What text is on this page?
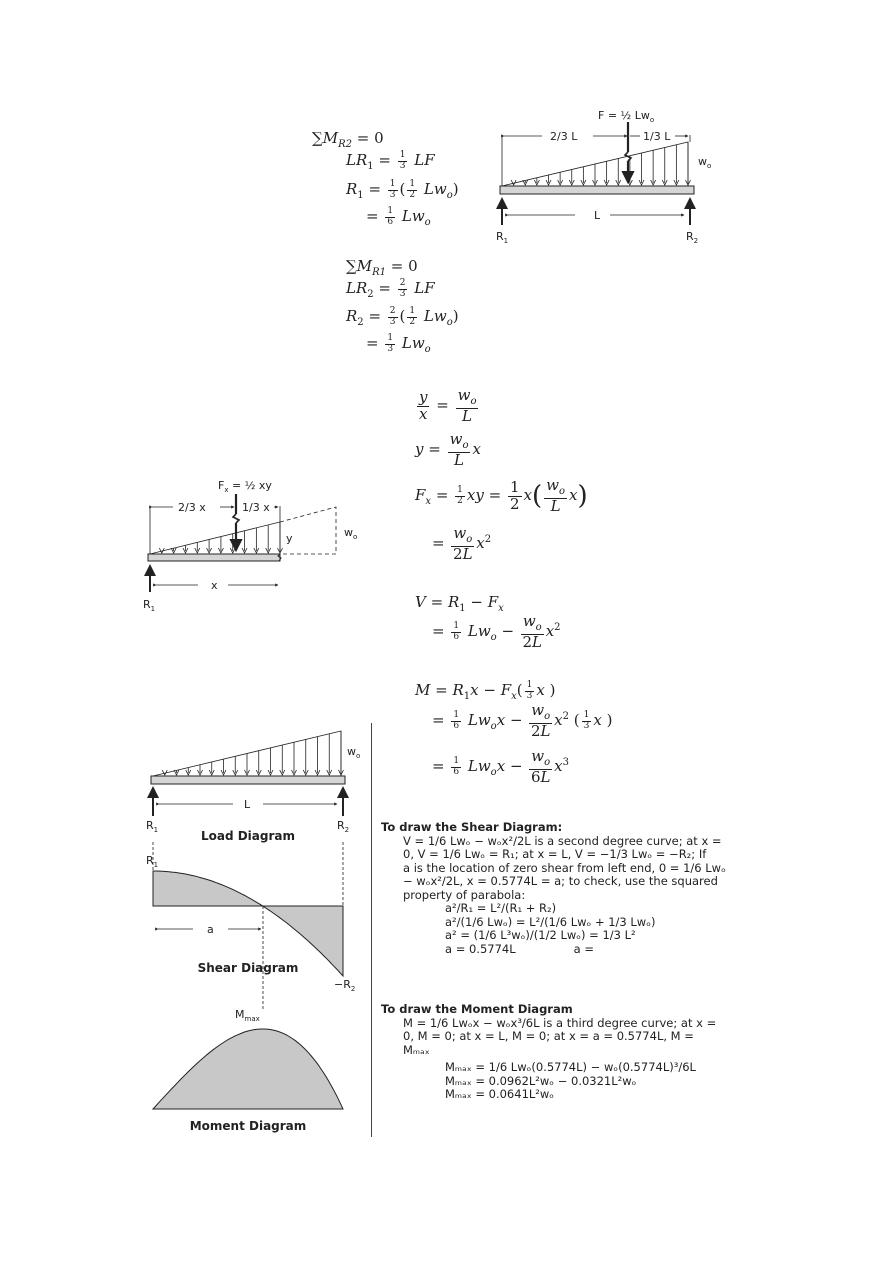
$\sum M_{R2} = 0$
$LR_1 = \frac{1}{3}$ LF
$R_1 = \frac{1}{3}$ ( $\frac{1}{2} Lw_o$)
= $\frac{1}{6} Lw_o$
$\sum M_{R1} = 0$
$LR_2 = \frac{2}{3}$ LF
$R_2 = \frac{2}{3}$ ( $\frac{1}{2} Lw_o$)
= $\frac{1}{3} Lw_o$
F = ½ $Lw_o$
2/3 L	1/3 L
$w_o$
L
$R_1$	$R_2$
$\frac{y}{x} = \frac{w_o}{L}$
$y = \frac{w_o}{L}$ x
$F_x = \frac{1}{2}$ xy = $\frac{1}{2} x( \frac{w_o}{L} x)$
= $\frac{w_o}{2L} x^2$
$V = R_1 - F_x$
= $\frac{1}{6} Lw_o - \frac{w_o}{2L} x^2$
$M = R_1x - F_x( \frac{1}{3}$ x )
= $\frac{1}{6} Lw_ox - \frac{w_o}{2L} x^2$ ( $\frac{1}{3}$ x )
= $\frac{1}{6} Lw_ox - \frac{w_o}{6L} x^3$
$F_x$ = ½ xy
2/3 x	1/3 x
y	$w_o$
x
$R_1$
$w_o$
L
$R_1$	$R_2$
Load Diagram
$R_1$
a
Shear Diagram
$-R_2$
$M_{max}$
Moment Diagram
To draw the Shear Diagram:
V = 1/6 Lwₒ − wₒx²/2L is a second degree curve; at x =
0, V = 1/6 Lwₒ = R₁; at x = L, V = −1/3 Lwₒ = −R₂; If
a is the location of zero shear from left end, 0 = 1/6 Lwₒ
− wₒx²/2L, x = 0.5774L = a; to check, use the squared
property of parabola:
a²/R₁ = L²/(R₁ + R₂)
a²/(1/6 Lwₒ) = L²/(1/6 Lwₒ + 1/3 Lwₒ)
a² = (1/6 L³wₒ)/(1/2 Lwₒ) = 1/3 L²
a = 0.5774L	a =
To draw the Moment Diagram
M = 1/6 Lwₒx − wₒx³/6L is a third degree curve; at x =
0, M = 0; at x = L, M = 0; at x = a = 0.5774L, M =
Mₘₐₓ
Mₘₐₓ = 1/6 Lwₒ(0.5774L) − wₒ(0.5774L)³/6L
Mₘₐₓ = 0.0962L²wₒ − 0.0321L²wₒ
Mₘₐₓ = 0.0641L²wₒ
